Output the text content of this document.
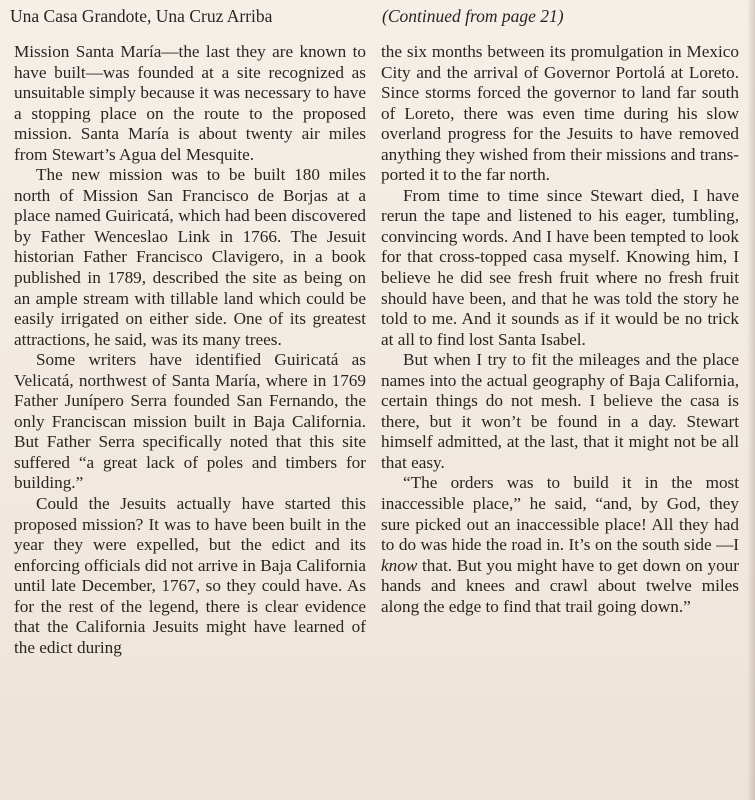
Una Casa Grandote, Una Cruz Arriba	(Continued from page 21)

Mission Santa María—the last they are known to have built—was founded at a site recognized as unsuitable simply because it was necessary to have a stopping place on the route to the proposed mission. Santa María is about twenty air miles from Stewart’s Agua del Mesquite.

The new mission was to be built 180 miles north of Mission San Francisco de Borjas at a place named Guiricatá, which had been discovered by Father Wenceslao Link in 1766. The Jesuit historian Father Francisco Clavigero, in a book published in 1789, described the site as being on an ample stream with tillable land which could be easily irrigated on either side. One of its greatest attractions, he said, was its many trees.

Some writers have identified Guiricatá as Velicatá, northwest of Santa María, where in 1769 Father Junípero Serra founded San Fernando, the only Franciscan mission built in Baja California. But Father Serra specifically noted that this site suffered “a great lack of poles and timbers for building.”

Could the Jesuits actually have started this proposed mission? It was to have been built in the year they were expelled, but the edict and its enforcing officials did not arrive in Baja California until late December, 1767, so they could have. As for the rest of the legend, there is clear evidence that the California Jesuits might have learned of the edict during

the six months between its promulgation in Mexico City and the arrival of Governor Portolá at Loreto. Since storms forced the governor to land far south of Loreto, there was even time during his slow overland progress for the Jesuits to have removed anything they wished from their missions and transported it to the far north.

From time to time since Stewart died, I have rerun the tape and listened to his eager, tumbling, convincing words. And I have been tempted to look for that cross-topped casa myself. Knowing him, I believe he did see fresh fruit where no fresh fruit should have been, and that he was told the story he told to me. And it sounds as if it would be no trick at all to find lost Santa Isabel.

But when I try to fit the mileages and the place names into the actual geography of Baja California, certain things do not mesh. I believe the casa is there, but it won’t be found in a day. Stewart himself admitted, at the last, that it might not be all that easy.

“The orders was to build it in the most inaccessible place,” he said, “and, by God, they sure picked out an inaccessible place! All they had to do was hide the road in. It’s on the south side —I know that. But you might have to get down on your hands and knees and crawl about twelve miles along the edge to find that trail going down.”
